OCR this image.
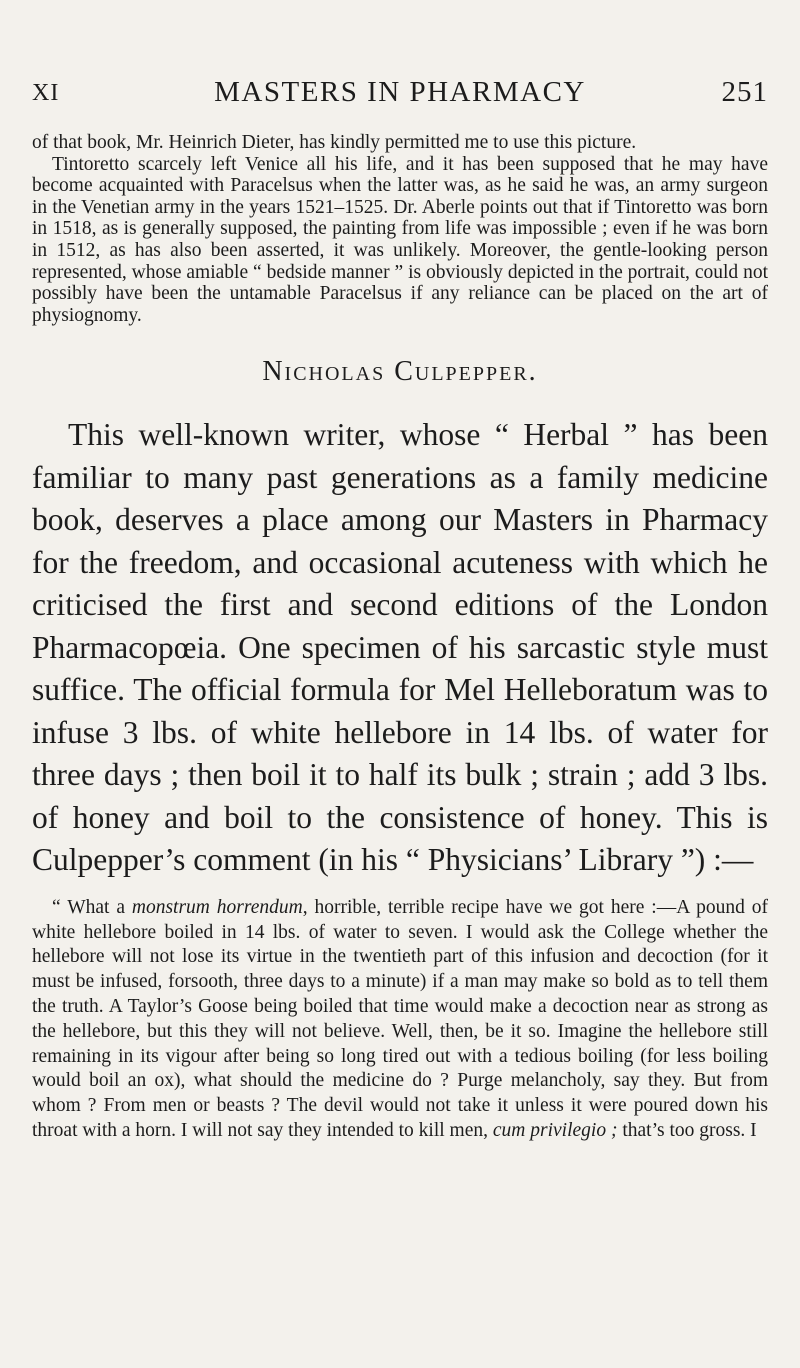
XI	MASTERS IN PHARMACY	251

of that book, Mr. Heinrich Dieter, has kindly permitted me to use this picture.

Tintoretto scarcely left Venice all his life, and it has been supposed that he may have become acquainted with Paracelsus when the latter was, as he said he was, an army surgeon in the Venetian army in the years 1521–1525. Dr. Aberle points out that if Tintoretto was born in 1518, as is generally supposed, the painting from life was impossible ; even if he was born in 1512, as has also been asserted, it was unlikely. Moreover, the gentle-looking person represented, whose amiable “ bedside manner ” is obviously depicted in the portrait, could not possibly have been the untamable Paracelsus if any reliance can be placed on the art of physiognomy.

Nicholas Culpepper.

This well-known writer, whose “ Herbal ” has been familiar to many past generations as a family medicine book, deserves a place among our Masters in Pharmacy for the freedom, and occasional acuteness with which he criticised the first and second editions of the London Pharmacopœia. One specimen of his sarcastic style must suffice. The official formula for Mel Helleboratum was to infuse 3 lbs. of white hellebore in 14 lbs. of water for three days ; then boil it to half its bulk ; strain ; add 3 lbs. of honey and boil to the consistence of honey. This is Culpepper’s comment (in his “ Physicians’ Library ”) :—

“ What a monstrum horrendum, horrible, terrible recipe have we got here :—A pound of white hellebore boiled in 14 lbs. of water to seven. I would ask the College whether the hellebore will not lose its virtue in the twentieth part of this infusion and decoction (for it must be infused, forsooth, three days to a minute) if a man may make so bold as to tell them the truth. A Taylor’s Goose being boiled that time would make a decoction near as strong as the hellebore, but this they will not believe. Well, then, be it so. Imagine the hellebore still remaining in its vigour after being so long tired out with a tedious boiling (for less boiling would boil an ox), what should the medicine do ? Purge melancholy, say they. But from whom ? From men or beasts ? The devil would not take it unless it were poured down his throat with a horn. I will not say they intended to kill men, cum privilegio ; that’s too gross. I
